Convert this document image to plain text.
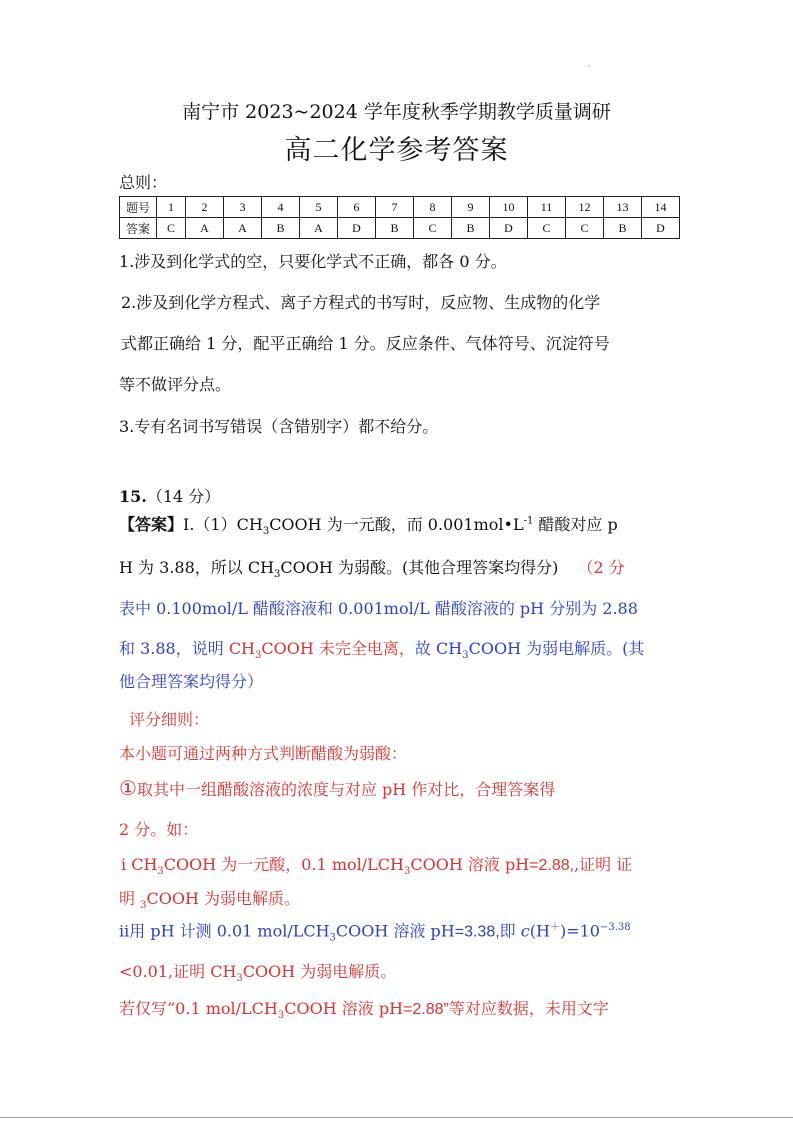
·
南宁市 2023~2024 学年度秋季学期教学质量调研
高二化学参考答案
总则：
题号	1	2	3	4	5	6	7	8	9	10	11	12	13	14
答案	C	A	A	B	A	D	B	C	B	D	C	C	B	D
1.涉及到化学式的空，只要化学式不正确，都各 0 分。
2.涉及到化学方程式、离子方程式的书写时，反应物、生成物的化学
式都正确给 1 分，配平正确给 1 分。反应条件、气体符号、沉淀符号
等不做评分点。
3.专有名词书写错误（含错别字）都不给分。
15.（14 分）
【答案】$Ⅰ.(1)CH_3COOH$ 为一元酸，而 $0.001mol•L^{-1}$ 醋酸对应 p
H 为 3.88，所以 $CH_3COOH$ 为弱酸。(其他合理答案均得分) （2 分
表中 0.100mol/L 醋酸溶液和 0.001mol/L 醋酸溶液的 pH 分别为 2.88
和 3.88，说明 $CH_3COOH$ 未完全电离，故 $CH_3COOH$ 为弱电解质。(其
他合理答案均得分）
评分细则：
本小题可通过两种方式判断醋酸为弱酸：
①取其中一组醋酸溶液的浓度与对应 pH 作对比，合理答案得
2 分。如：
ⅰ $CH_3COOH$ 为一元酸，0.1 mol/$LCH_3COOH$ 溶液 pH=2.88,,证明 证
明 $_3$COOH 为弱电解质。
ⅱ用 pH 计测 0.01 mol/$LCH_3COOH$ 溶液 pH=3.38,即 $c(H^+)=10^{-3.38}$
<0.01,证明 $CH_3COOH$ 为弱电解质。
若仅写“0.1 mol/$LCH_3COOH$ 溶液 pH=2.88”等对应数据，未用文字
